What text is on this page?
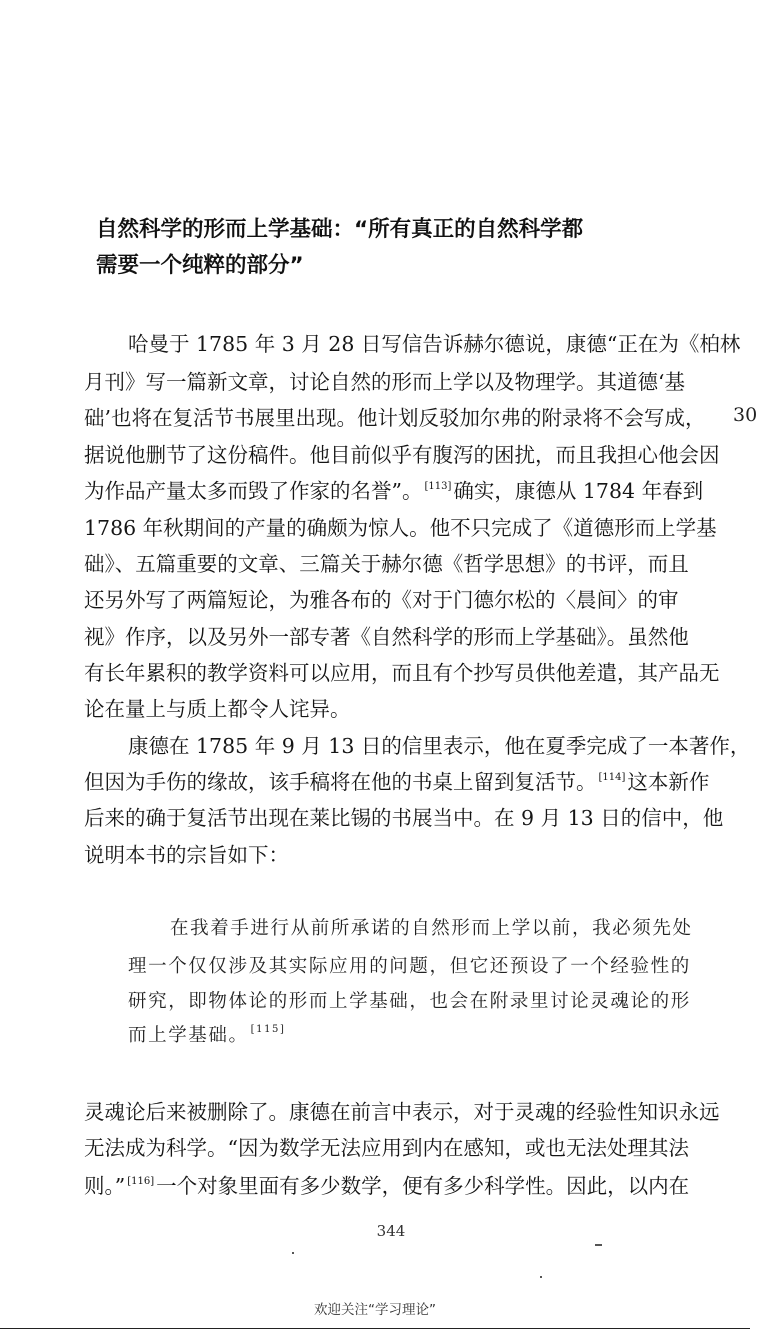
自然科学的形而上学基础：“所有真正的自然科学都
需要一个纯粹的部分”
哈曼于 1785 年 3 月 28 日写信告诉赫尔德说，康德“正在为《柏林
月刊》写一篇新文章，讨论自然的形而上学以及物理学。其道德‘基
础’也将在复活节书展里出现。他计划反驳加尔弗的附录将不会写成，
据说他删节了这份稿件。他目前似乎有腹泻的困扰，而且我担心他会因
为作品产量太多而毁了作家的名誉”。 [113]确实，康德从 1784 年春到
1786 年秋期间的产量的确颇为惊人。他不只完成了《道德形而上学基
础》、五篇重要的文章、三篇关于赫尔德《哲学思想》的书评，而且
还另外写了两篇短论，为雅各布的《对于门德尔松的〈晨间〉的审
视》作序，以及另外一部专著《自然科学的形而上学基础》。虽然他
有长年累积的教学资料可以应用，而且有个抄写员供他差遣，其产品无
论在量上与质上都令人诧异。
康德在 1785 年 9 月 13 日的信里表示，他在夏季完成了一本著作，
但因为手伤的缘故，该手稿将在他的书桌上留到复活节。 [114]这本新作
后来的确于复活节出现在莱比锡的书展当中。在 9 月 13 日的信中，他
说明本书的宗旨如下：
在我着手进行从前所承诺的自然形而上学以前，我必须先处
理一个仅仅涉及其实际应用的问题，但它还预设了一个经验性的
研究，即物体论的形而上学基础，也会在附录里讨论灵魂论的形
而上学基础。 [115]
灵魂论后来被删除了。康德在前言中表示，对于灵魂的经验性知识永远
无法成为科学。“因为数学无法应用到内在感知，或也无法处理其法
则。” [116]一个对象里面有多少数学，便有多少科学性。因此，以内在
30
344
欢迎关注“学习理论”
